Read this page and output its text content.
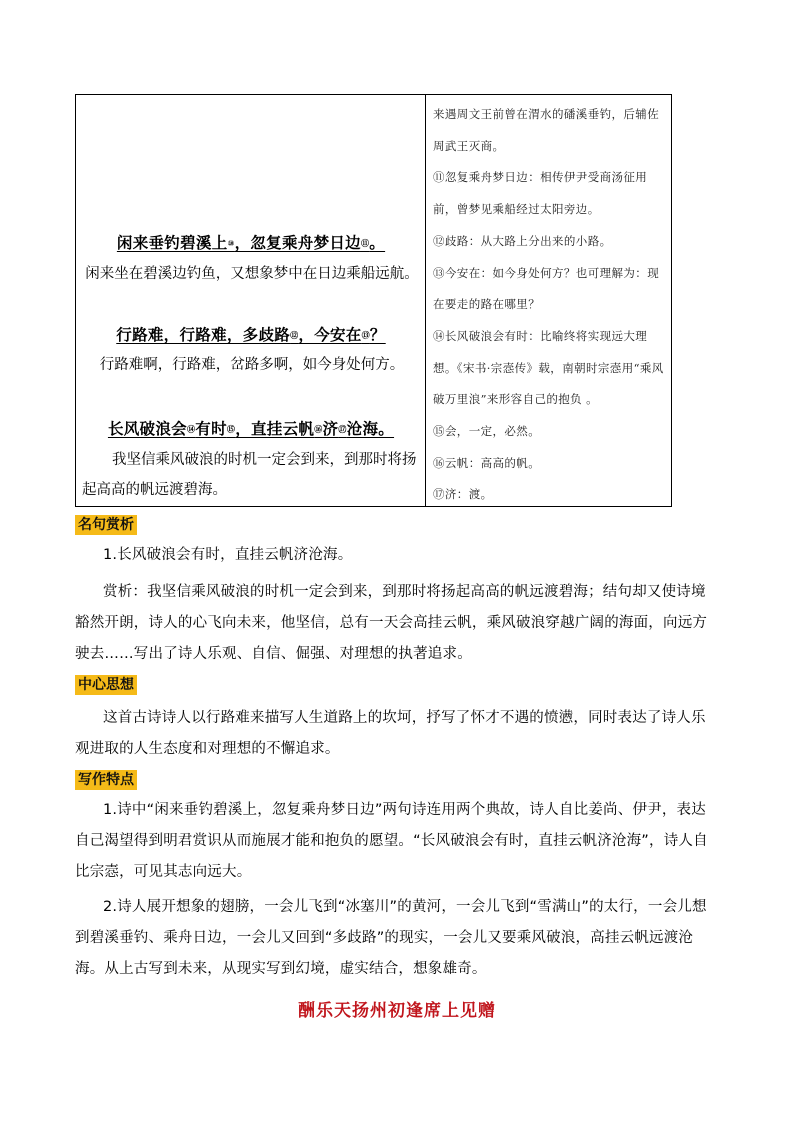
闲来垂钓碧溪上⑩，忽复乘舟梦日边⑪。
闲来坐在碧溪边钓鱼，又想象梦中在日边乘船远航。
行路难，行路难，多歧路⑫，今安在⑬？
行路难啊，行路难，岔路多啊，如今身处何方。
长风破浪会⑭有时⑮，直挂云帆⑯济⑰沧海。
我坚信乘风破浪的时机一定会到来，到那时将扬起高高的帆远渡碧海。

来遇周文王前曾在渭水的磻溪垂钓，后辅佐周武王灭商。

⑪忽复乘舟梦日边：相传伊尹受商汤征用前，曾梦见乘船经过太阳旁边。

⑫歧路：从大路上分出来的小路。

⑬今安在：如今身处何方？也可理解为：现在要走的路在哪里？

⑭长风破浪会有时：比喻终将实现远大理想。《宋书·宗悫传》载，南朝时宗悫用“乘风破万里浪”来形容自己的抱负 。

⑮会，一定，必然。

⑯云帆：高高的帆。

⑰济：渡。

名句赏析
1.长风破浪会有时，直挂云帆济沧海。
赏析：我坚信乘风破浪的时机一定会到来，到那时将扬起高高的帆远渡碧海；结句却又使诗境豁然开朗，诗人的心飞向未来，他坚信，总有一天会高挂云帆，乘风破浪穿越广阔的海面，向远方驶去……写出了诗人乐观、自信、倔强、对理想的执著追求。
中心思想
这首古诗诗人以行路难来描写人生道路上的坎坷，抒写了怀才不遇的愤懑，同时表达了诗人乐观进取的人生态度和对理想的不懈追求。
写作特点
1.诗中“闲来垂钓碧溪上，忽复乘舟梦日边”两句诗连用两个典故，诗人自比姜尚、伊尹，表达自己渴望得到明君赏识从而施展才能和抱负的愿望。“长风破浪会有时，直挂云帆济沧海”，诗人自比宗悫，可见其志向远大。
2.诗人展开想象的翅膀，一会儿飞到“冰塞川”的黄河，一会儿飞到“雪满山”的太行，一会儿想到碧溪垂钓、乘舟日边，一会儿又回到“多歧路”的现实，一会儿又要乘风破浪，高挂云帆远渡沧海。从上古写到未来，从现实写到幻境，虚实结合，想象雄奇。
酬乐天扬州初逢席上见赠
